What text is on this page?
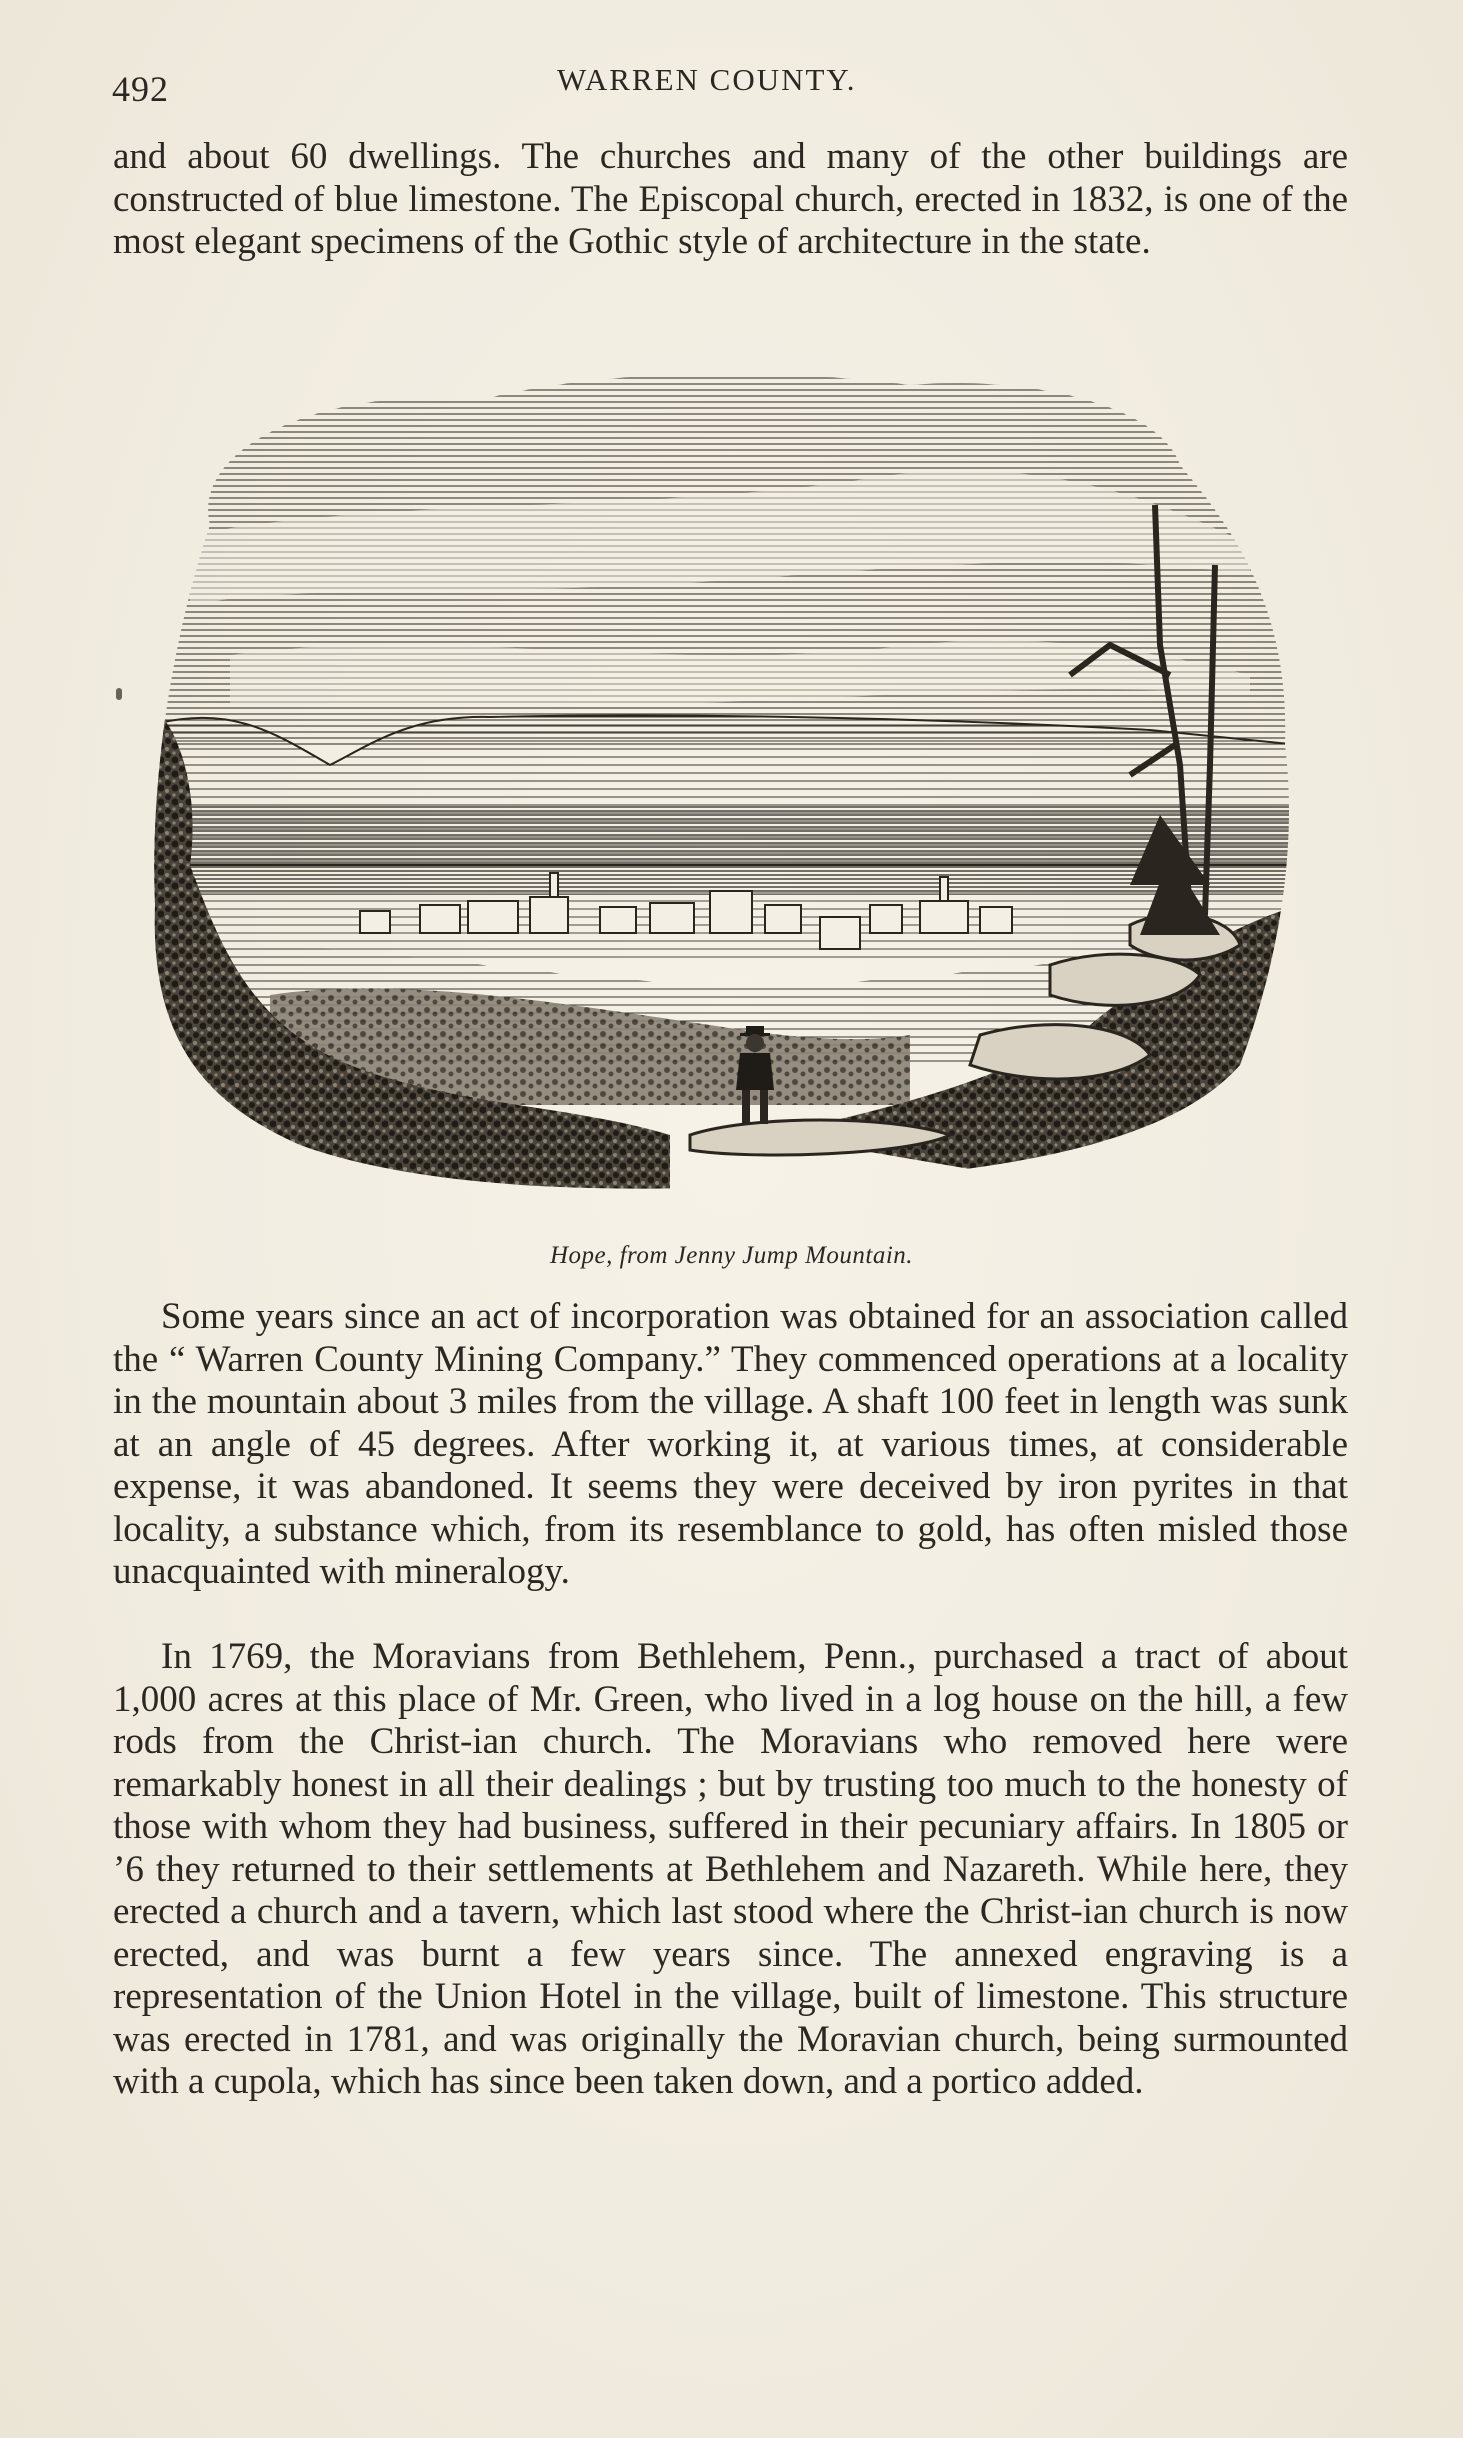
492	WARREN COUNTY.

and about 60 dwellings. The churches and many of the other buildings are constructed of blue limestone. The Episcopal church, erected in 1832, is one of the most elegant specimens of the Gothic style of architecture in the state.

Hope, from Jenny Jump Mountain.

Some years since an act of incorporation was obtained for an association called the “ Warren County Mining Company.” They commenced operations at a locality in the mountain about 3 miles from the village. A shaft 100 feet in length was sunk at an angle of 45 degrees. After working it, at various times, at considerable expense, it was abandoned. It seems they were deceived by iron pyrites in that locality, a substance which, from its resemblance to gold, has often misled those unacquainted with mineralogy.

In 1769, the Moravians from Bethlehem, Penn., purchased a tract of about 1,000 acres at this place of Mr. Green, who lived in a log house on the hill, a few rods from the Christ-ian church. The Moravians who removed here were remarkably honest in all their dealings ; but by trusting too much to the honesty of those with whom they had business, suffered in their pecuniary affairs. In 1805 or ’6 they returned to their settlements at Bethlehem and Nazareth. While here, they erected a church and a tavern, which last stood where the Christ-ian church is now erected, and was burnt a few years since. The annexed engraving is a representation of the Union Hotel in the village, built of limestone. This structure was erected in 1781, and was originally the Moravian church, being surmounted with a cupola, which has since been taken down, and a portico added.
